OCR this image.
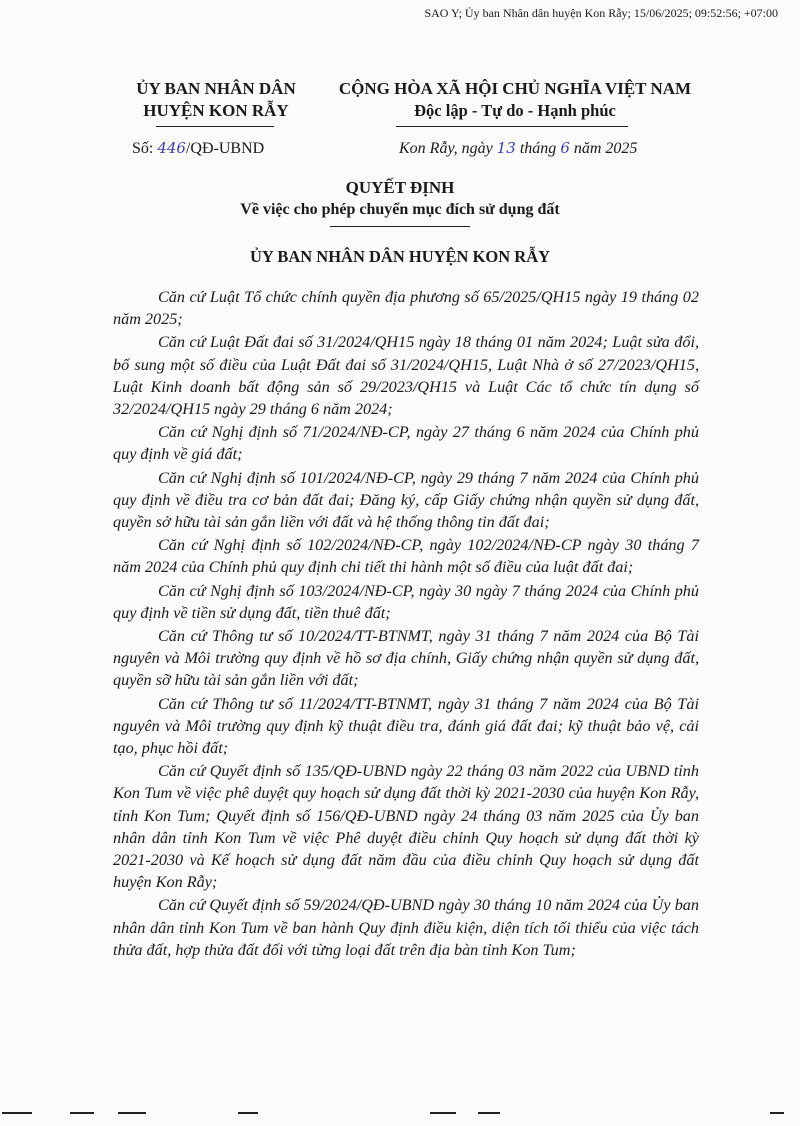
SAO Y; Ủy ban Nhân dân huyện Kon Rẫy; 15/06/2025; 09:52:56; +07:00
ỦY BAN NHÂN DÂN
HUYỆN KON RẪY
CỘNG HÒA XÃ HỘI CHỦ NGHĨA VIỆT NAM
Độc lập - Tự do - Hạnh phúc
Số: 446/QĐ-UBND	Kon Rẫy, ngày 13 tháng 6 năm 2025
QUYẾT ĐỊNH
Về việc cho phép chuyển mục đích sử dụng đất
ỦY BAN NHÂN DÂN HUYỆN KON RẪY

Căn cứ Luật Tổ chức chính quyền địa phương số 65/2025/QH15 ngày 19 tháng 02 năm 2025;

Căn cứ Luật Đất đai số 31/2024/QH15 ngày 18 tháng 01 năm 2024; Luật sửa đổi, bổ sung một số điều của Luật Đất đai số 31/2024/QH15, Luật Nhà ở số 27/2023/QH15, Luật Kinh doanh bất động sản số 29/2023/QH15 và Luật Các tổ chức tín dụng số 32/2024/QH15 ngày 29 tháng 6 năm 2024;

Căn cứ Nghị định số 71/2024/NĐ-CP, ngày 27 tháng 6 năm 2024 của Chính phủ quy định về giá đất;

Căn cứ Nghị định số 101/2024/NĐ-CP, ngày 29 tháng 7 năm 2024 của Chính phủ quy định về điều tra cơ bản đất đai; Đăng ký, cấp Giấy chứng nhận quyền sử dụng đất, quyền sở hữu tài sản gắn liền với đất và hệ thống thông tin đất đai;

Căn cứ Nghị định số 102/2024/NĐ-CP, ngày 102/2024/NĐ-CP ngày 30 tháng 7 năm 2024 của Chính phủ quy định chi tiết thi hành một số điều của luật đất đai;

Căn cứ Nghị định số 103/2024/NĐ-CP, ngày 30 ngày 7 tháng 2024 của Chính phủ quy định về tiền sử dụng đất, tiền thuê đất;

Căn cứ Thông tư số 10/2024/TT-BTNMT, ngày 31 tháng 7 năm 2024 của Bộ Tài nguyên và Môi trường quy định về hồ sơ địa chính, Giấy chứng nhận quyền sử dụng đất, quyền sỡ hữu tài sản gắn liền với đất;

Căn cứ Thông tư số 11/2024/TT-BTNMT, ngày 31 tháng 7 năm 2024 của Bộ Tài nguyên và Môi trường quy định kỹ thuật điều tra, đánh giá đất đai; kỹ thuật bảo vệ, cải tạo, phục hồi đất;

Căn cứ Quyết định số 135/QĐ-UBND ngày 22 tháng 03 năm 2022 của UBND tỉnh Kon Tum về việc phê duyệt quy hoạch sử dụng đất thời kỳ 2021-2030 của huyện Kon Rẫy, tỉnh Kon Tum; Quyết định số 156/QĐ-UBND ngày 24 tháng 03 năm 2025 của Ủy ban nhân dân tỉnh Kon Tum về việc Phê duyệt điều chỉnh Quy hoạch sử dụng đất thời kỳ 2021-2030 và Kế hoạch sử dụng đất năm đầu của điều chỉnh Quy hoạch sử dụng đất huyện Kon Rẫy;

Căn cứ Quyết định số 59/2024/QĐ-UBND ngày 30 tháng 10 năm 2024 của Ủy ban nhân dân tỉnh Kon Tum về ban hành Quy định điều kiện, diện tích tối thiểu của việc tách thửa đất, hợp thửa đất đối với từng loại đất trên địa bàn tỉnh Kon Tum;
